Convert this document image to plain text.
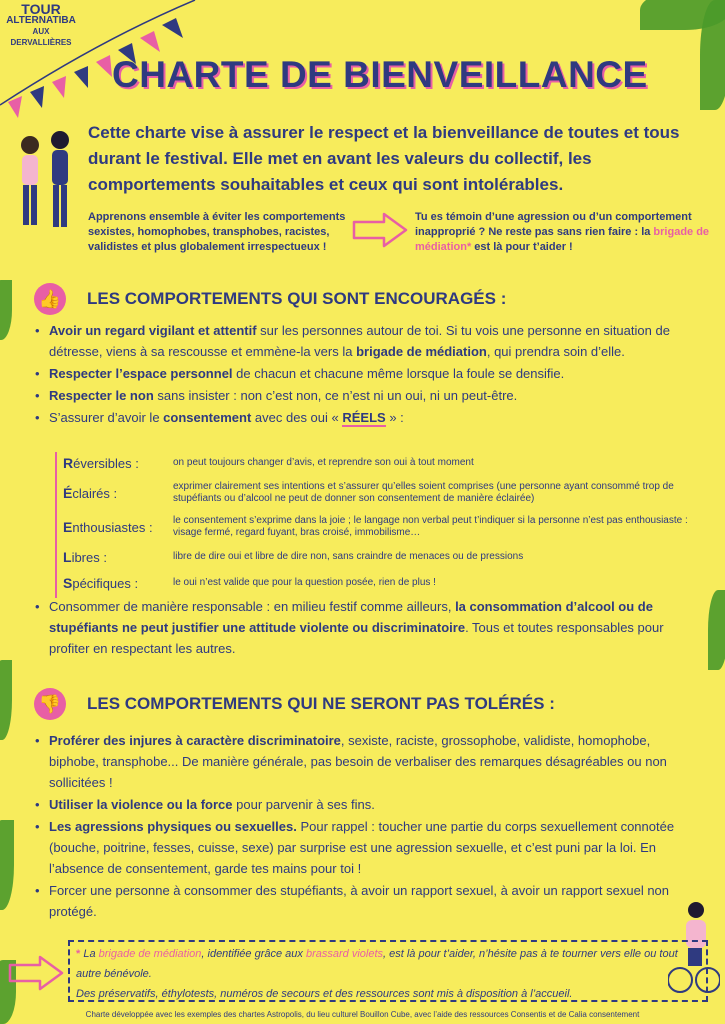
TOUR
ALTERNATIBA
AUX DERVALLIÈRES
CHARTE DE BIENVEILLANCE
Cette charte vise à assurer le respect et la bienveillance de toutes et tous durant le festival. Elle met en avant les valeurs du collectif, les comportements souhaitables et ceux qui sont intolérables.
Apprenons ensemble à éviter les comportements sexistes, homophobes, transphobes, racistes, validistes et plus globalement irrespectueux !
Tu es témoin d’une agression ou d’un comportement inapproprié ? Ne reste pas sans rien faire : la brigade de médiation* est là pour t’aider !
👍 LES COMPORTEMENTS QUI SONT ENCOURAGÉS :
• Avoir un regard vigilant et attentif sur les personnes autour de toi. Si tu vois une personne en situation de détresse, viens à sa rescousse et emmène-la vers la brigade de médiation, qui prendra soin d’elle.
• Respecter l’espace personnel de chacun et chacune même lorsque la foule se densifie.
• Respecter le non sans insister : non c’est non, ce n’est ni un oui, ni un peut-être.
• S’assurer d’avoir le consentement avec des oui « RÉELS » :
Réversibles :	on peut toujours changer d’avis, et reprendre son oui à tout moment
Éclairés :	exprimer clairement ses intentions et s’assurer qu’elles soient comprises (une personne ayant consommé trop de stupéfiants ou d’alcool ne peut de donner son consentement de manière éclairée)
Enthousiastes :	le consentement s’exprime dans la joie ; le langage non verbal peut t’indiquer si la personne n’est pas enthousiaste : visage fermé, regard fuyant, bras croisé, immobilisme…
Libres :	libre de dire oui et libre de dire non, sans craindre de menaces ou de pressions
Spécifiques :	le oui n’est valide que pour la question posée, rien de plus !
• Consommer de manière responsable : en milieu festif comme ailleurs, la consommation d’alcool ou de stupéfiants ne peut justifier une attitude violente ou discriminatoire. Tous et toutes responsables pour profiter en respectant les autres.
👎 LES COMPORTEMENTS QUI NE SERONT PAS TOLÉRÉS :
• Proférer des injures à caractère discriminatoire, sexiste, raciste, grossophobe, validiste, homophobe, biphobe, transphobe... De manière générale, pas besoin de verbaliser des remarques désagréables ou non sollicitées !
• Utiliser la violence ou la force pour parvenir à ses fins.
• Les agressions physiques ou sexuelles. Pour rappel : toucher une partie du corps sexuellement connotée (bouche, poitrine, fesses, cuisse, sexe) par surprise est une agression sexuelle, et c’est puni par la loi. En l’absence de consentement, garde tes mains pour toi !
• Forcer une personne à consommer des stupéfiants, à avoir un rapport sexuel, à avoir un rapport sexuel non protégé.
* La brigade de médiation, identifiée grâce aux brassard violets, est là pour t’aider, n’hésite pas à te tourner vers elle ou tout autre bénévole.
Des préservatifs, éthylotests, numéros de secours et des ressources sont mis à disposition à l’accueil.
Charte développée avec les exemples des chartes Astropolis, du lieu culturel Bouillon Cube, avec l’aide des ressources Consentis et de Calia consentement
